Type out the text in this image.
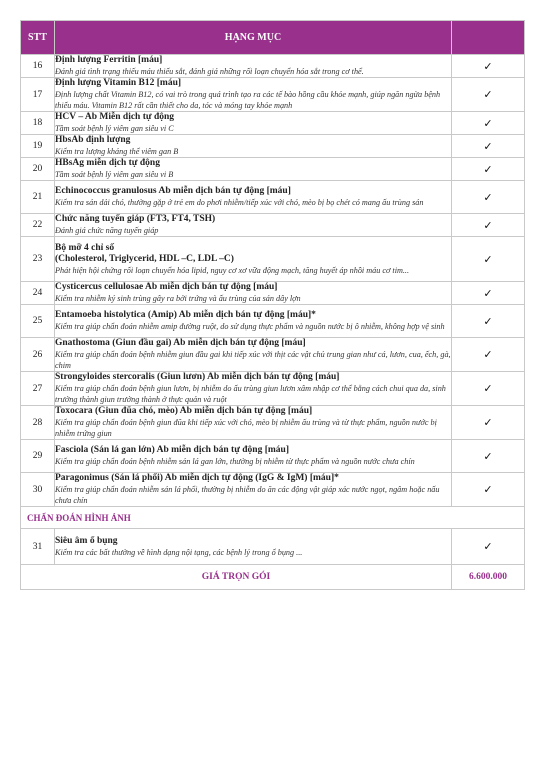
STT	HẠNG MỤC	
16	Định lượng Ferritin [máu]
Đánh giá tình trạng thiếu máu thiếu sắt, đánh giá những rối loạn chuyển hóa sắt trong cơ thể.	✓
17	Định lượng Vitamin B12 [máu]
Định lượng chất Vitamin B12, có vai trò trong quá trình tạo ra các tế bào hồng cầu khỏe mạnh, giúp ngăn ngừa bệnh thiếu máu. Vitamin B12 rất cần thiết cho da, tóc và móng tay khỏe mạnh	✓
18	HCV – Ab Miễn dịch tự động
Tầm soát bệnh lý viêm gan siêu vi C	✓
19	HbsAb định lượng
Kiểm tra lượng kháng thể viêm gan B	✓
20	HBsAg miễn dịch tự động
Tầm soát bệnh lý viêm gan siêu vi B	✓
21	Echinococcus granulosus Ab miễn dịch bán tự động [máu]
Kiểm tra sán dải chó, thường gặp ở trẻ em do phơi nhiễm/tiếp xúc với chó, mèo bị bọ chét có mang ấu trùng sán	✓
22	Chức năng tuyến giáp (FT3, FT4, TSH)
Đánh giá chức năng tuyến giáp	✓
23	Bộ mỡ 4 chỉ số
(Cholesterol, Triglycerid, HDL –C, LDL –C)
Phát hiện hội chứng rối loạn chuyển hóa lipid, nguy cơ xơ vữa động mạch, tăng huyết áp nhồi máu cơ tim...	✓
24	Cysticercus cellulosae Ab miễn dịch bán tự động [máu]
Kiểm tra nhiễm ký sinh trùng gây ra bởi trứng và ấu trùng của sán dây lợn	✓
25	Entamoeba histolytica (Amip) Ab miễn dịch bán tự động [máu]*
Kiểm tra giúp chẩn đoán nhiễm amip đường ruột, do sử dụng thực phẩm và nguồn nước bị ô nhiễm, không hợp vệ sinh	✓
26	Gnathostoma (Giun đầu gai) Ab miễn dịch bán tự động [máu]
Kiểm tra giúp chẩn đoán bệnh nhiễm giun đầu gai khi tiếp xúc với thịt các vật chủ trung gian như cá, lươn, cua, ếch, gà, chim	✓
27	Strongyloides stercoralis (Giun lươn) Ab miễn dịch bán tự động [máu]
Kiểm tra giúp chẩn đoán bệnh giun lươn, bị nhiễm do ấu trùng giun lươn xâm nhập cơ thể bằng cách chui qua da, sinh trưởng thành giun trưởng thành ở thực quản và ruột	✓
28	Toxocara (Giun đũa chó, mèo) Ab miễn dịch bán tự động [máu]
Kiểm tra giúp chẩn đoán bệnh giun đũa khi tiếp xúc với chó, mèo bị nhiễm ấu trùng và từ thực phẩm, nguồn nước bị nhiễm trứng giun	✓
29	Fasciola (Sán lá gan lớn) Ab miễn dịch bán tự động [máu]
Kiểm tra giúp chẩn đoán bệnh nhiễm sán lá gan lớn, thường bị nhiễm từ thực phẩm và nguồn nước chưa chín	✓
30	Paragonimus (Sán lá phổi) Ab miễn dịch tự động (IgG & IgM) [máu]*
Kiểm tra giúp chẩn đoán nhiễm sán lá phổi, thường bị nhiễm do ăn các động vật giáp xác nước ngọt, ngâm hoặc nấu chưa chín	✓
CHẨN ĐOÁN HÌNH ẢNH		
31	Siêu âm ổ bụng
Kiểm tra các bất thường về hình dạng nội tạng, các bệnh lý trong ổ bụng ...	✓
GIÁ TRỌN GÓI		6.600.000
